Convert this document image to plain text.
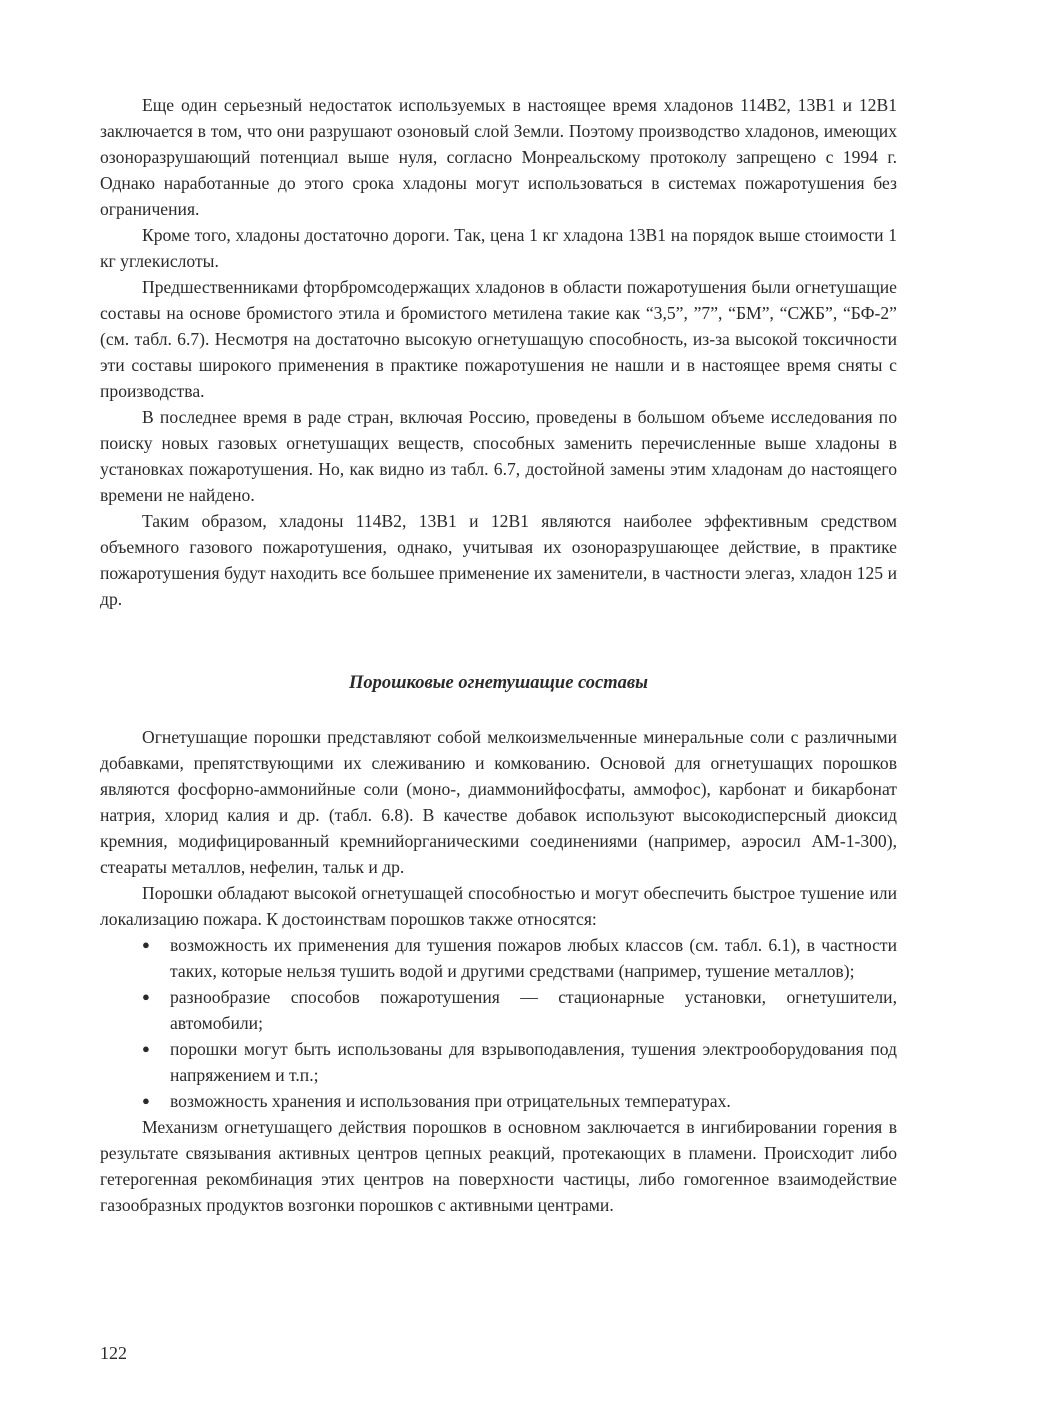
Еще один серьезный недостаток используемых в настоящее время хладонов 114В2, 13В1 и 12В1 заключается в том, что они разрушают озоновый слой Земли. Поэтому производство хладонов, имеющих озоноразрушающий потенциал выше нуля, согласно Монреальскому протоколу запрещено с 1994 г. Однако наработанные до этого срока хладоны могут использоваться в системах пожаротушения без ограничения.

Кроме того, хладоны достаточно дороги. Так, цена 1 кг хладона 13В1 на порядок выше стоимости 1 кг углекислоты.

Предшественниками фторбромсодержащих хладонов в области пожаротушения были огнетушащие составы на основе бромистого этила и бромистого метилена такие как “3,5”, ”7”, “БМ”, “СЖБ”, “БФ-2” (см. табл. 6.7). Несмотря на достаточно высокую огнетушащую способность, из-за высокой токсичности эти составы широкого применения в практике пожаротушения не нашли и в настоящее время сняты с производства.

В последнее время в раде стран, включая Россию, проведены в большом объеме исследования по поиску новых газовых огнетушащих веществ, способных заменить перечисленные выше хладоны в установках пожаротушения. Но, как видно из табл. 6.7, достойной замены этим хладонам до настоящего времени не найдено.

Таким образом, хладоны 114В2, 13В1 и 12В1 являются наиболее эффективным средством объемного газового пожаротушения, однако, учитывая их озоноразрушающее действие, в практике пожаротушения будут находить все большее применение их заменители, в частности элегаз, хладон 125 и др.

Порошковые огнетушащие составы

Огнетушащие порошки представляют собой мелкоизмельченные минеральные соли с различными добавками, препятствующими их слеживанию и комкованию. Основой для огнетушащих порошков являются фосфорно-аммонийные соли (моно-, диаммонийфосфаты, аммофос), карбонат и бикарбонат натрия, хлорид калия и др. (табл. 6.8). В качестве добавок используют высокодисперсный диоксид кремния, модифицированный кремнийорганическими соединениями (например, аэросил АМ-1-300), стеараты металлов, нефелин, тальк и др.

Порошки обладают высокой огнетушащей способностью и могут обеспечить быстрое тушение или локализацию пожара. К достоинствам порошков также относятся:

● возможность их применения для тушения пожаров любых классов (см. табл. 6.1), в частности таких, которые нельзя тушить водой и другими средствами (например, тушение металлов);
● разнообразие способов пожаротушения — стационарные установки, огнетушители, автомобили;
● порошки могут быть использованы для взрывоподавления, тушения электрооборудования под напряжением и т.п.;
● возможность хранения и использования при отрицательных температурах.

Механизм огнетушащего действия порошков в основном заключается в ингибировании горения в результате связывания активных центров цепных реакций, протекающих в пламени. Происходит либо гетерогенная рекомбинация этих центров на поверхности частицы, либо гомогенное взаимодействие газообразных продуктов возгонки порошков с активными центрами.

122
